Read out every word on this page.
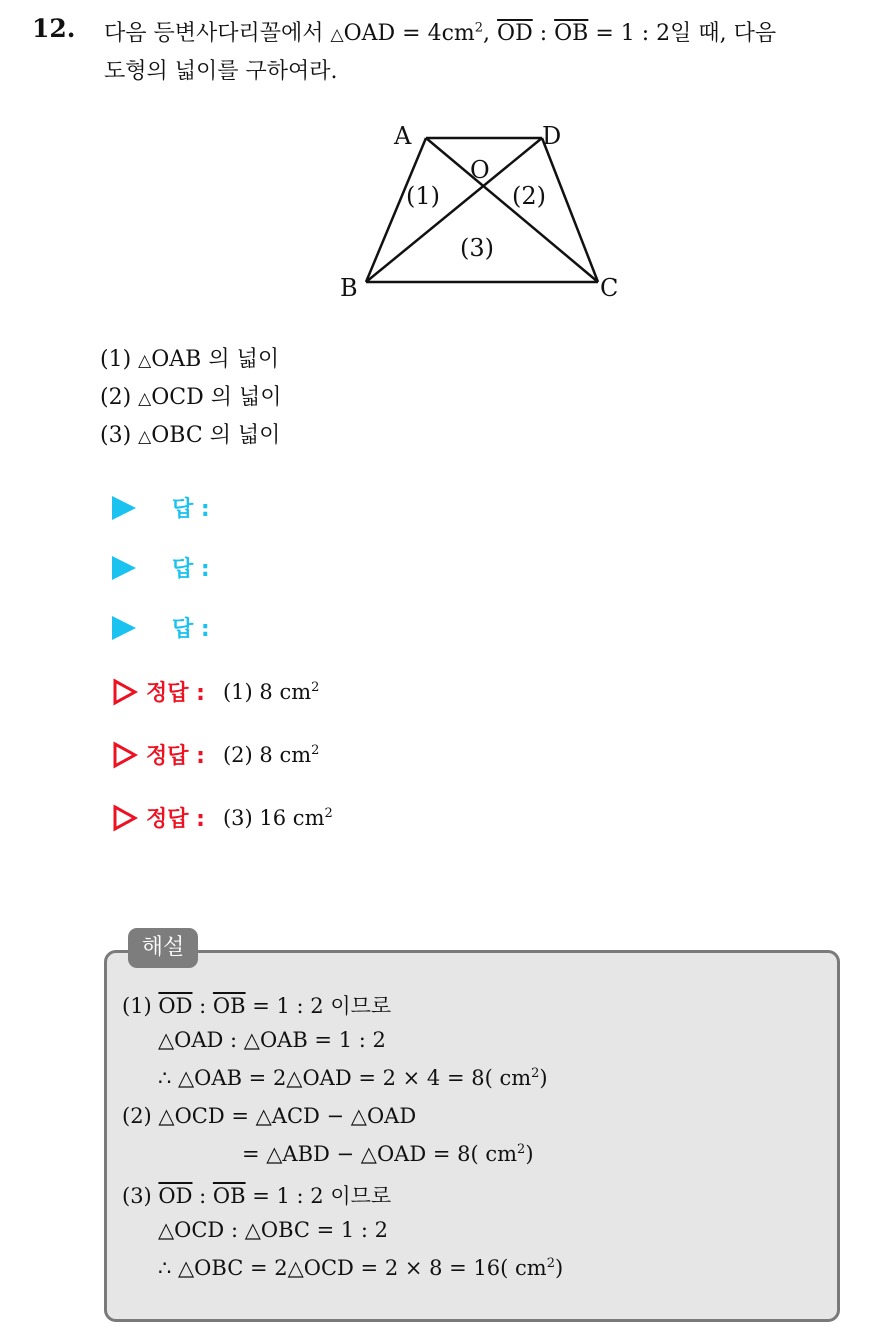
12. 다음 등변사다리꼴에서 △OAD = $4cm^2$, $\overline{OD}$ : $\overline{OB} = 1$ : 2일 때, 다음
도형의 넓이를 구하여라.
A	D
O
B	C
(1)	(2)
(3)
(1) △OAB 의 넓이
(2) △OCD 의 넓이
(3) △OBC 의 넓이
답 :
답 :
답 :
정답 : (1) 8 $cm^2$
정답 : (2) 8 $cm^2$
정답 : (3) 16 $cm^2$
해설
(1) $\overline{OD}$ : $\overline{OB} = 1$ : 2 이므로
△OAD : △OAB = 1 : 2
∴ △OAB = 2△OAD = 2 × 4 = 8( $cm^2$)
(2) △OCD = △ACD − △OAD
= △ABD − △OAD = 8( $cm^2$)
(3) $\overline{OD}$ : $\overline{OB} = 1$ : 2 이므로
△OCD : △OBC = 1 : 2
∴ △OBC = 2△OCD = 2 × 8 = 16( $cm^2$)
